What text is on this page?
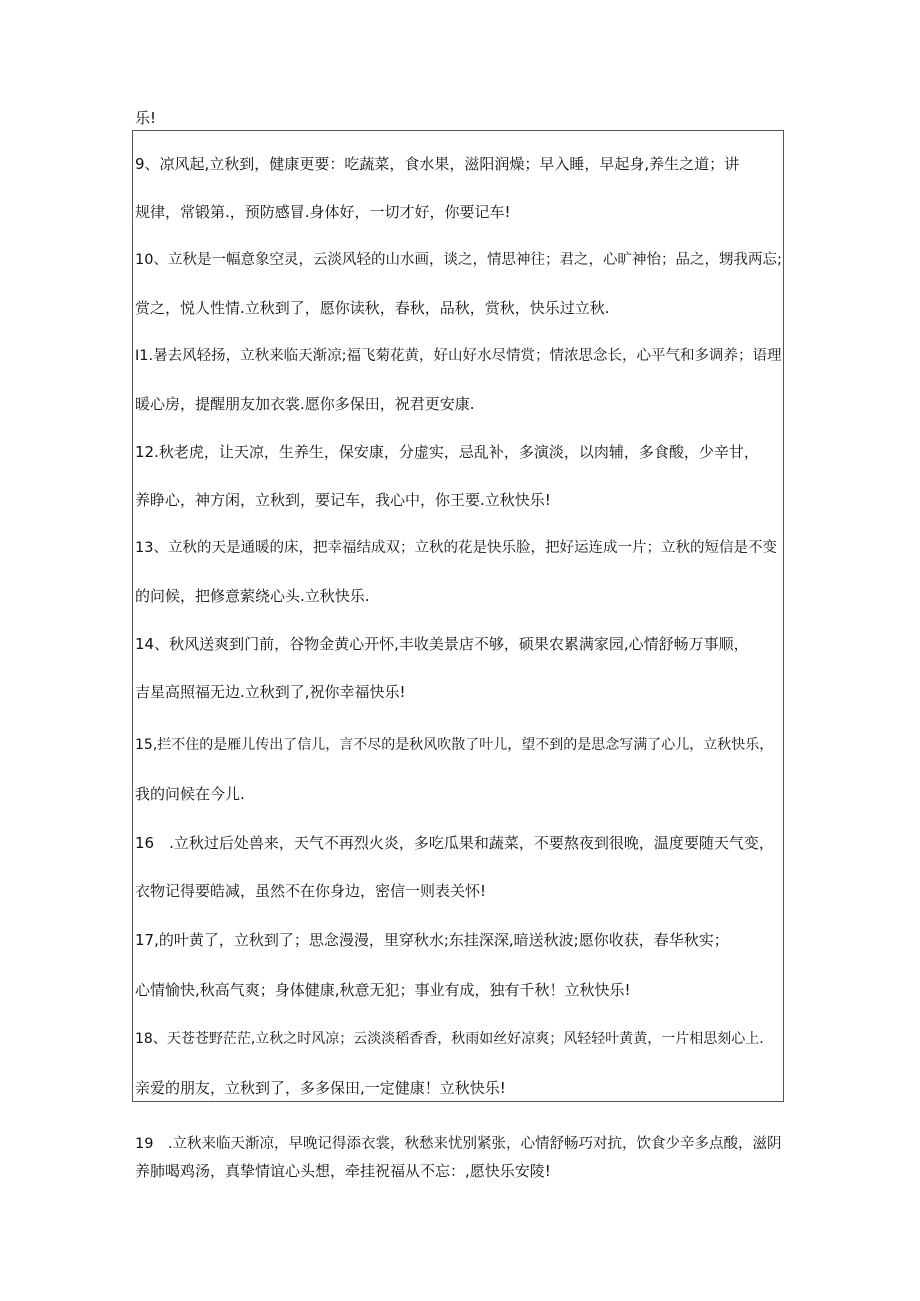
乐!
9、凉风起,立秋到，健康更要：吃蔬菜，食水果，滋阳润燥；早入睡，早起身,养生之道；讲
规律，常锻第.，预防感冒.身体好，一切才好，你要记车!
10、立秋是一幅意象空灵，云淡风轻的山水画，谈之，情思神往；君之，心旷神怡；品之，甥我两忘;
赏之，悦人性情.立秋到了，愿你读秋，春秋，品秋，赏秋，快乐过立秋.
I1.暑去风轻扬，立秋来临天渐凉;福飞菊花黄，好山好水尽情赏；情浓思念长，心平气和多调养；语理
暖心房，提醒朋友加衣裳.愿你多保田，祝君更安康.
12.秋老虎，让天凉，生养生，保安康，分虚实，忌乱补，多演淡，以肉辅，多食酸，少辛甘，
养睁心，神方闲，立秋到，要记车，我心中，你王要.立秋快乐!
13、立秋的天是通暖的床，把幸福结成双；立秋的花是快乐脸，把好运连成一片；立秋的短信是不变
的问候，把修意萦绕心头.立秋快乐.
14、秋风送爽到门前，谷物金黄心开怀,丰收美景店不够，硕果农累满家园,心情舒畅万事顺，
吉星高照福无边.立秋到了,祝你幸福快乐!
15,拦不住的是雁儿传出了信儿，言不尽的是秋风吹散了叶儿，望不到的是思念写满了心儿，立秋快乐，
我的问候在今儿.
16　.立秋过后处兽来，天气不再烈火炎，多吃瓜果和蔬菜，不要熬夜到很晚，温度要随天气变，
衣物记得要皓减，虽然不在你身边，密信一则表关怀!
17,的叶黄了，立秋到了；思念漫漫，里穿秋水;东挂深深,暗送秋波;愿你收获，春华秋实；
心情愉快,秋高气爽；身体健康,秋意无犯；事业有成，独有千秋！立秋快乐!
18、天苍苍野茫茫,立秋之时风凉；云淡淡稻香香，秋雨如丝好凉爽；风轻轻叶黄黄，一片相思刻心上.
亲爱的朋友，立秋到了，多多保田,一定健康！立秋快乐!
19　.立秋来临天渐凉，早晚记得添衣裳，秋愁来忧别紧张，心情舒畅巧对抗，饮食少辛多点酸，滋阴
养肺喝鸡汤，真挚情谊心头想，牵挂祝福从不忘：,愿快乐安陵!
